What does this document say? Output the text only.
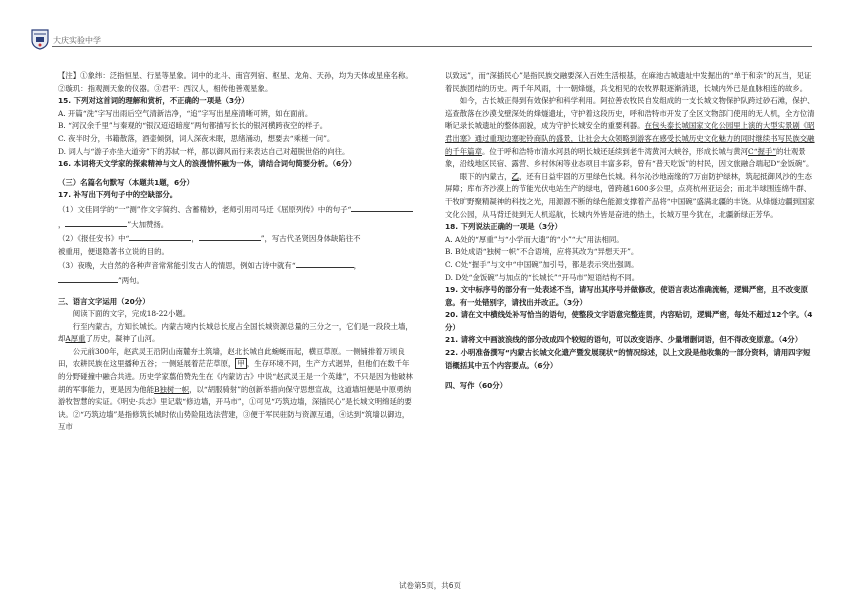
大庆实验中学

【注】①象纬：泛指恒星、行星等星象。词中的北斗、南宫列宿、枢星、龙角、天孙，均为天体或星座名称。②璇玑：指观测天象的仪器。③君平：西汉人，相传他善观星象。

15. 下列对这首词的理解和赏析，不正确的一项是（3分）

A. 开篇“洗”字写出雨后空气清新洁净，“追”字写出星座清晰可辨，如在面前。

B. “河汉余千里”与秦观的“银汉迢迢暗度”两句都描写长长的银河横跨夜空的样子。

C. 夜半时分，书籍散落，酒壶倾倒，词人深夜未眠，思绪涌动，想要去“乘槎一问”。

D. 词人与“游子亦坐大道旁”下的苏轼一样，都以御风而行来表达自己对超脱世俗的向往。

16. 本词将天文学家的探索精神与文人的浪漫情怀融为一体，请结合词句简要分析。（6分）

（三）名篇名句默写（本题共1题，6分）

17. 补写出下列句子中的空缺部分。

（1）文佳同学的“一”测”作文字简约、含蓄精妙，老师引用司马迁《屈原列传》中的句子“，	”大加赞扬。

（2）《报任安书》中“	，	”，写古代圣贤因身体缺陷往不

被重用，便退隐著书立说的目的。

（3）夜晚，大自然的各种声音常常能引发古人的情思，例如古诗中就有“	，

”两句。

三、语言文字运用（20分）

阅读下面的文字，完成18-22小题。

行至内蒙古，方知长城长。内蒙古境内长城总长度占全国长城资源总量的三分之一，它们是一段段土墙，却A厚重了历史，凝神了山河。

公元前300年，赵武灵王沿阴山南麓夯土筑墙，赵北长城自此蜿蜒而起，横亘草原。一侧铺排着万顷良田，农耕民族在这里播种五谷；一侧延展着茫茫草原， 甲 ，生存环境不同，生产方式迥异，但他们在数千年的分野碰撞中融合共进。历史学家翦伯赞先生在《内蒙访古》中说“赵武灵王是一个英雄”，不只是因为他破林胡的军事能力，更是因为他能B独树一帜，以“胡服骑射”的创新举措向保守思想宣战，这道墙垣便是中原勇纳游牧智慧的实证。《明史·兵志》里记载“修边墙，开马市”，①可见“巧筑边墙，深插民心”是长城文明绵延的要诀。②“巧筑边墙”是指修筑长城时依山势险阻选法营建，③便于军民驻防与资源互通，④达到“筑墙以御边，互市

以致远”，而“深插民心”是指民族交融要深入百姓生活根基，在麻池古城遗址中发掘出的“单于和亲”的瓦当，见证着民族团结的历史。两千年风雨，十一朝烽燧，兵戈相见的农牧界限逐渐消退，长城内外已是血脉相连的故乡。

如今，古长城正得到有效保护和科学利用。阿拉善农牧民自发组成的一支长城文物保护队跨过砂石滩，保护、巡查散落在沙漠戈壁深处的烽燧遗址，守护着这段历史，呼和浩特市开发了全区文物部门使用的无人机，全方位清晰记录长城遗址的整体面貌，成为守护长城安全的重要利器。在包头泰长城国家文化公园里上演的大型实景剧《昭君出塞》通过重现边塞驼铃商队的盛景，让社会大众领略到游客在感受长城历史文化魅力的同时继续书写民族交融的千年篇章。位于呼和浩特市清水河县的明长城还延续到老牛湾黄河大峡谷，形成长城与黄河C“握手”的壮观景象，沿线地区民宿、露营、乡村休闲等业态项目丰富多彩，曾有“普天吃饭”的村民，因文旅融合端起D“金饭碗”。

眼下的内蒙古，乙，还有日益牢固的万里绿色长城。科尔沁沙地南缘的7万亩防护绿林，筑起抵御风沙的生态屏障；库布齐沙漠上的节能光伏电站生产的绿电，曾跨越1600多公里，点亮杭州亚运会；而北半球围连绵牛群、干牧旷野聚精凝神的科技之光，用源源不断的绿色能源支撑着产品将“中国碗”盛满北疆的丰饶。从烽燧边疆到国家文化公园，从马背迁徙到无人机巡航，长城内外皆是奋进的热土，长城万里今犹在，北疆新绿正芳华。

18. 下列说法正确的一项是（3分）

A. A处的“厚重”与“小学而大遗”的“小”“大”用法相同。

B. B处成语“独树一帜”不合语境，应将其改为“异想天开”。

C. C处“握手”与文中“中国碗”加引号，都是表示突出强调。

D. D处“金饭碗”与加点的“长城长”“开马市”短语结构不同。

19. 文中标序号的部分有一处表述不当，请写出其序号并做修改，使语言表达准确流畅，逻辑严密，且不改变原意。有一处错别字，请找出并改正。（3分）

20. 请在文中横线处补写恰当的语句，使整段文字语意完整连贯，内容贴切，逻辑严密，每处不超过12个字。（4分）

21. 请将文中画波浪线的部分改成四个较短的语句，可以改变语序、少量增删词语，但不得改变原意。（4分）

22. 小明准备撰写“内蒙古长城文化遗产暨发展现状”的情况综述，以上文段是他收集的一部分资料，请用四字短语概括其中五个内容要点。（6分）

四、写作（60分）

试卷第5页，共6页
